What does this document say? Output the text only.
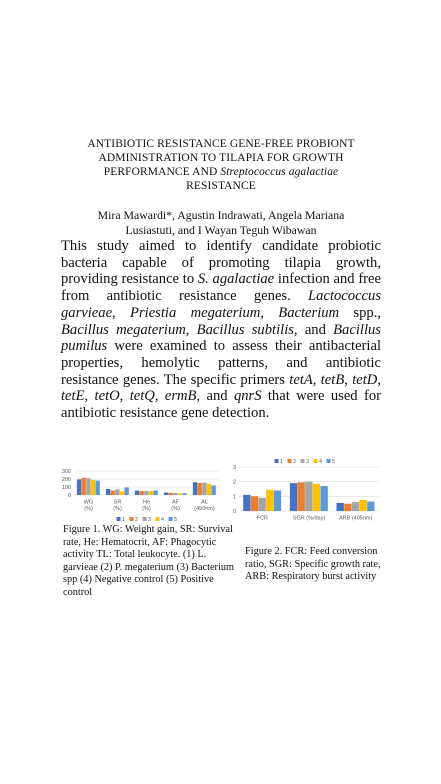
ANTIBIOTIC RESISTANCE GENE-FREE PROBIONT
ADMINISTRATION TO TILAPIA FOR GROWTH
PERFORMANCE AND Streptococcus agalactiae
RESISTANCE
Mira Mawardi*, Agustin Indrawati, Angela Mariana
Lusiastuti, and I Wayan Teguh Wibawan
This study aimed to identify candidate probiotic bacteria capable of promoting tilapia growth, providing resistance to S. agalactiae infection and free from antibiotic resistance genes. Lactococcus garvieae, Priestia megaterium, Bacterium spp., Bacillus megaterium, Bacillus subtilis, and Bacillus pumilus were examined to assess their antibacterial properties, hemolytic patterns, and antibiotic resistance genes. The specific primers tetA, tetB, tetD, tetE, tetO, tetQ, ermB, and qnrS that were used for antibiotic resistance gene detection.
0
100
200
300
WG
(%)
SR
(%)
He
(%)
AF
(%)
AL
(450nm)
1 2 3 4 5
Figure 1. WG: Weight gain, SR: Survival rate, He: Hematocrit, AF: Phagocytic activity TL: Total leukocyte. (1) L. garvieae (2) P. megaterium (3) Bacterium spp (4) Negative control (5) Positive control
0
1
2
3
FCR	SGR (%/day)	ARB (405nm)
1 2 3 4 5
Figure 2. FCR: Feed conversion ratio, SGR: Specific growth rate, ARB: Respiratory burst activity
